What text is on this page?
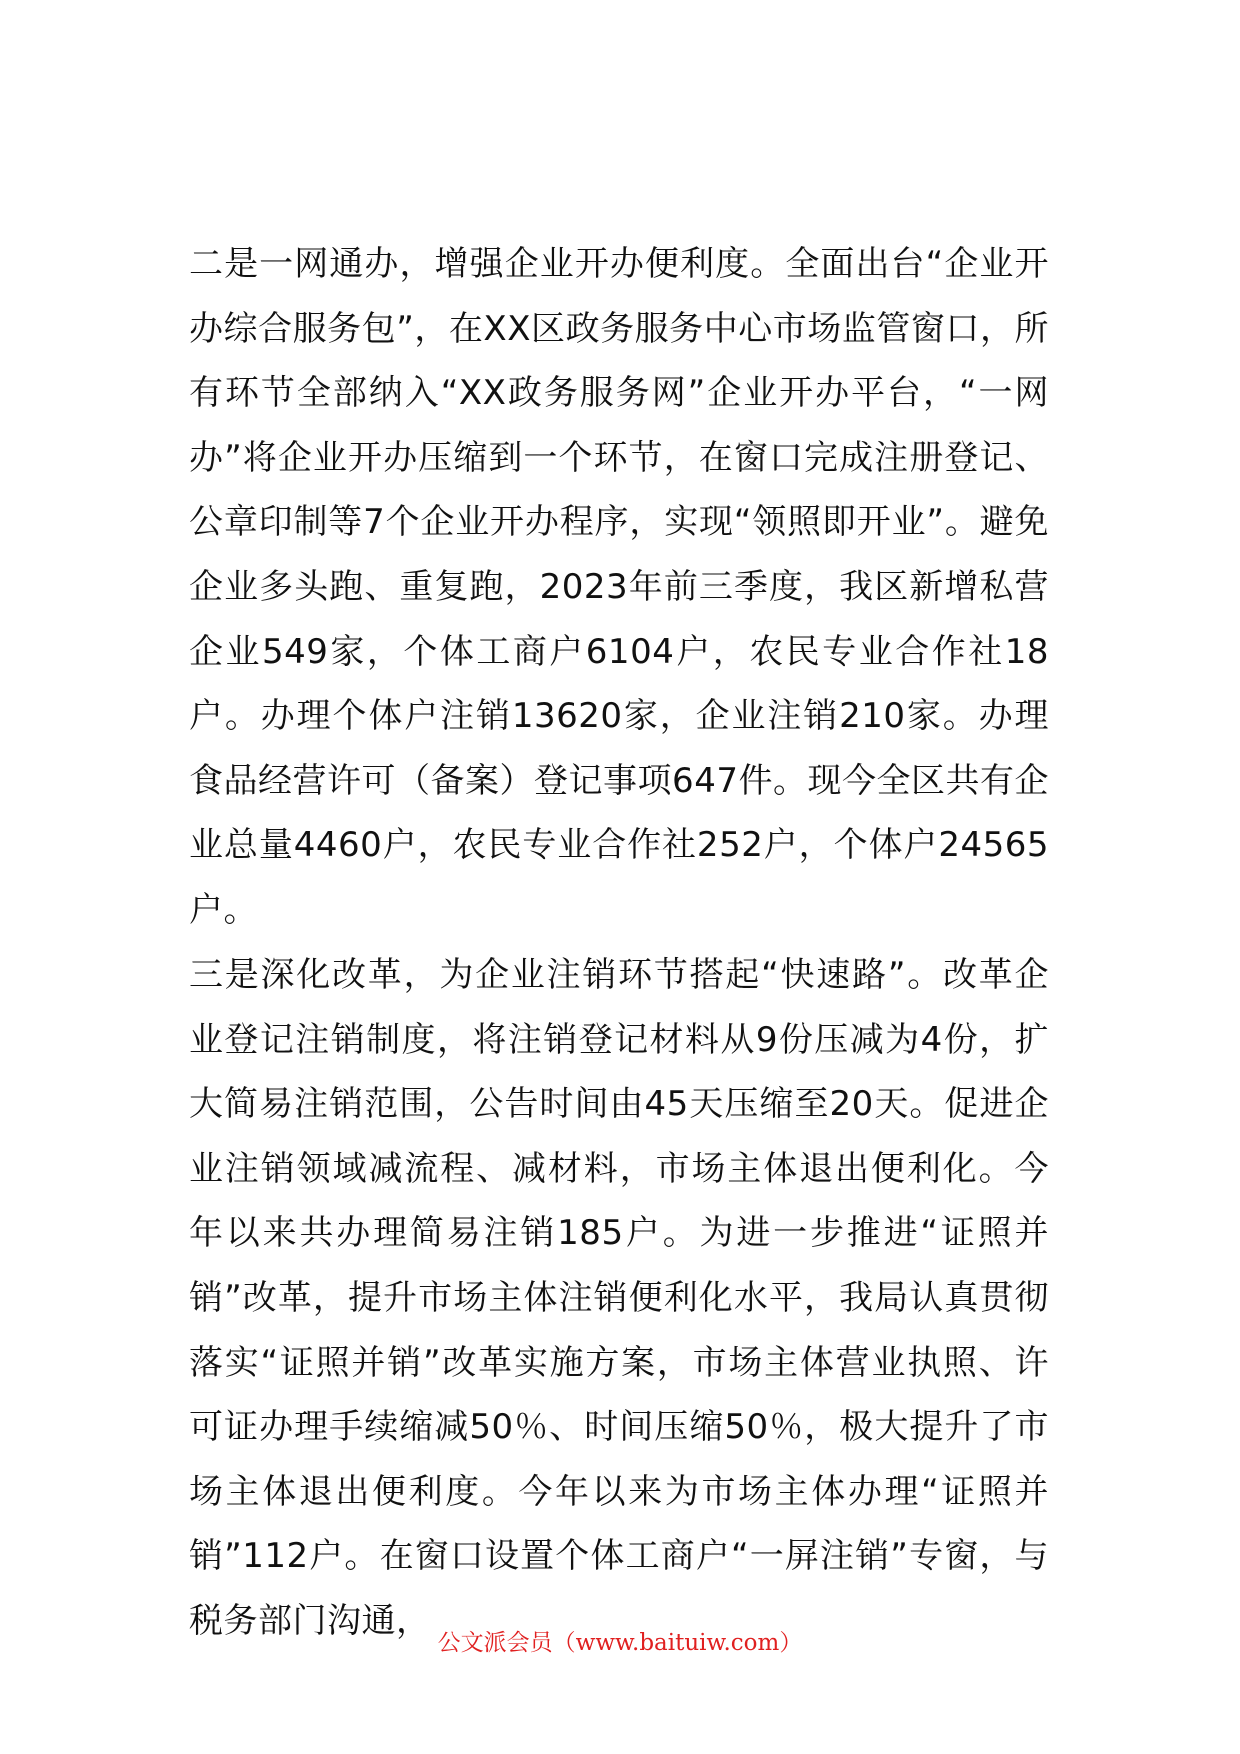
二是一网通办，增强企业开办便利度。全面出台“企业开办综合服务包”，在XX区政务服务中心市场监管窗口，所有环节全部纳入“XX政务服务网”企业开办平台，“一网办”将企业开办压缩到一个环节，在窗口完成注册登记、公章印制等7个企业开办程序，实现“领照即开业”。避免企业多头跑、重复跑，2023年前三季度，我区新增私营企业549家，个体工商户6104户，农民专业合作社18户。办理个体户注销13620家，企业注销210家。办理食品经营许可（备案）登记事项647件。现今全区共有企业总量4460户，农民专业合作社252户，个体户24565户。

三是深化改革，为企业注销环节搭起“快速路”。改革企业登记注销制度，将注销登记材料从9份压减为4份，扩大简易注销范围，公告时间由45天压缩至20天。促进企业注销领域减流程、减材料，市场主体退出便利化。今年以来共办理简易注销185户。为进一步推进“证照并销”改革，提升市场主体注销便利化水平，我局认真贯彻落实“证照并销”改革实施方案，市场主体营业执照、许可证办理手续缩减50％、时间压缩50％，极大提升了市场主体退出便利度。今年以来为市场主体办理“证照并销”112户。在窗口设置个体工商户“一屏注销”专窗，与税务部门沟通，

公文派会员（www.baituiw.com）
